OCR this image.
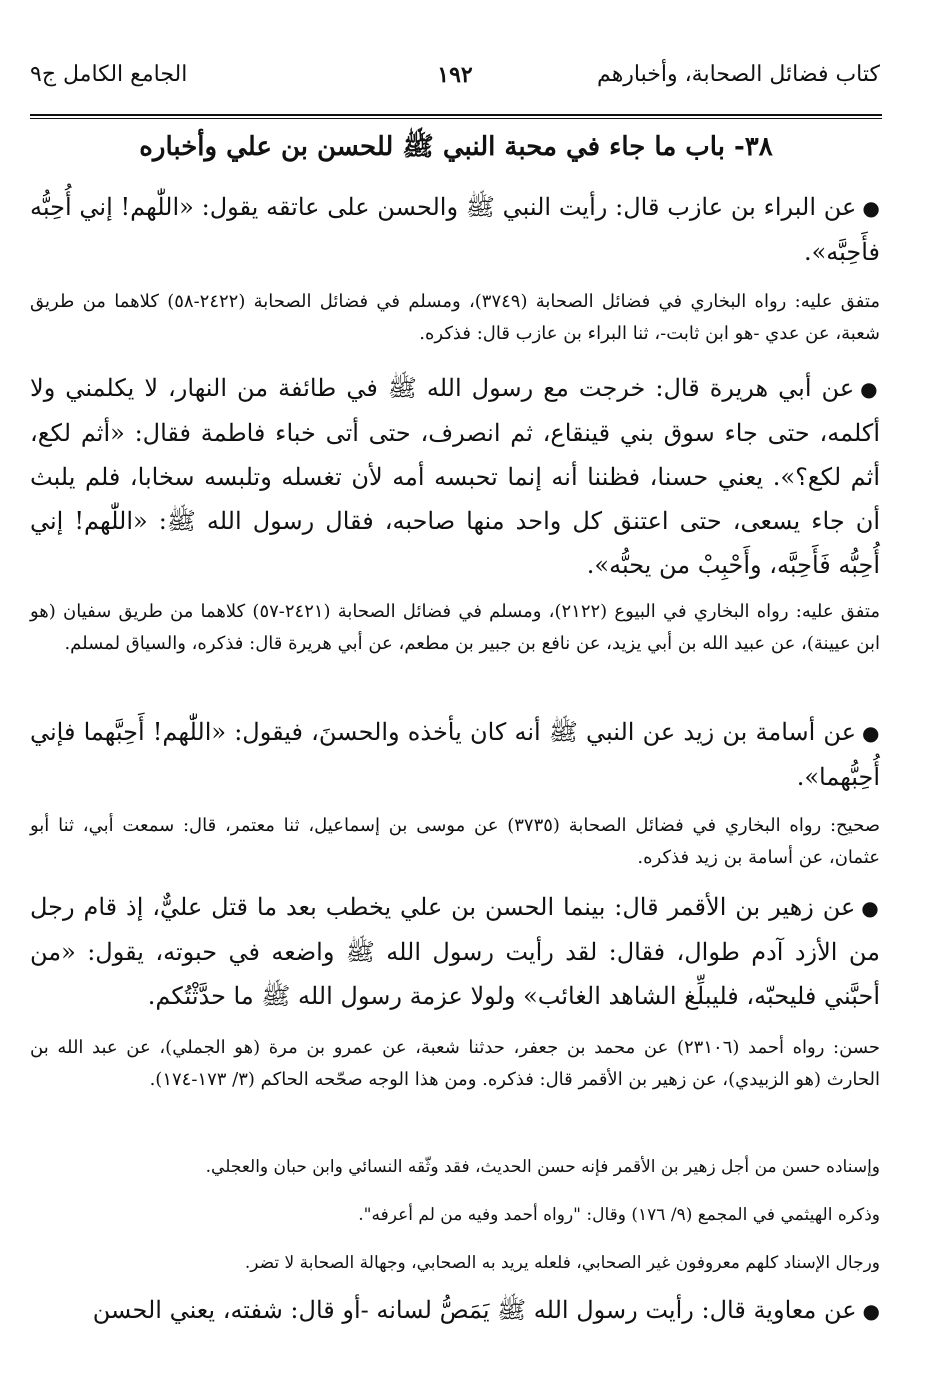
كتاب فضائل الصحابة، وأخبارهم
١٩٢
الجامع الكامل ج٩
٣٨- باب ما جاء في محبة النبي ﷺ للحسن بن علي وأخباره
●عن البراء بن عازب قال: رأيت النبي ﷺ والحسن على عاتقه يقول: «اللّٰهم! إني أُحِبُّه فأَحِبَّه».
متفق عليه: رواه البخاري في فضائل الصحابة (٣٧٤٩)، ومسلم في فضائل الصحابة (٢٤٢٢-٥٨) كلاهما من طريق شعبة، عن عدي -هو ابن ثابت-، ثنا البراء بن عازب قال: فذكره.
●عن أبي هريرة قال: خرجت مع رسول الله ﷺ في طائفة من النهار، لا يكلمني ولا أكلمه، حتى جاء سوق بني قينقاع، ثم انصرف، حتى أتى خباء فاطمة فقال: «أثم لكع، أثم لكع؟». يعني حسنا، فظننا أنه إنما تحبسه أمه لأن تغسله وتلبسه سخابا، فلم يلبث أن جاء يسعى، حتى اعتنق كل واحد منها صاحبه، فقال رسول الله ﷺ: «اللّٰهم! إني أُحِبُّه فَأَحِبَّه، وأَحْبِبْ من يحبُّه».
متفق عليه: رواه البخاري في البيوع (٢١٢٢)، ومسلم في فضائل الصحابة (٢٤٢١-٥٧) كلاهما من طريق سفيان (هو ابن عيينة)، عن عبيد الله بن أبي يزيد، عن نافع بن جبير بن مطعم، عن أبي هريرة قال: فذكره، والسياق لمسلم.
●عن أسامة بن زيد عن النبي ﷺ أنه كان يأخذه والحسنَ، فيقول: «اللّٰهم! أَحِبَّهما فإني أُحِبُّهما».
صحيح: رواه البخاري في فضائل الصحابة (٣٧٣٥) عن موسى بن إسماعيل، ثنا معتمر، قال: سمعت أبي، ثنا أبو عثمان، عن أسامة بن زيد فذكره.
●عن زهير بن الأقمر قال: بينما الحسن بن علي يخطب بعد ما قتل عليٌّ، إذ قام رجل من الأزد آدم طوال، فقال: لقد رأيت رسول الله ﷺ واضعه في حبوته، يقول: «من أحبَّني فليحبّه، فليبلِّغ الشاهد الغائب» ولولا عزمة رسول الله ﷺ ما حدَّثْتُكم.
حسن: رواه أحمد (٢٣١٠٦) عن محمد بن جعفر، حدثنا شعبة، عن عمرو بن مرة (هو الجملي)، عن عبد الله بن الحارث (هو الزبيدي)، عن زهير بن الأقمر قال: فذكره. ومن هذا الوجه صحّحه الحاكم (٣/ ١٧٣-١٧٤).
وإسناده حسن من أجل زهير بن الأقمر فإنه حسن الحديث، فقد وثّقه النسائي وابن حبان والعجلي.
وذكره الهيثمي في المجمع (٩/ ١٧٦) وقال: "رواه أحمد وفيه من لم أعرفه".
ورجال الإسناد كلهم معروفون غير الصحابي، فلعله يريد به الصحابي، وجهالة الصحابة لا تضر.
●عن معاوية قال: رأيت رسول الله ﷺ يَمَصُّ لسانه -أو قال: شفته، يعني الحسن
